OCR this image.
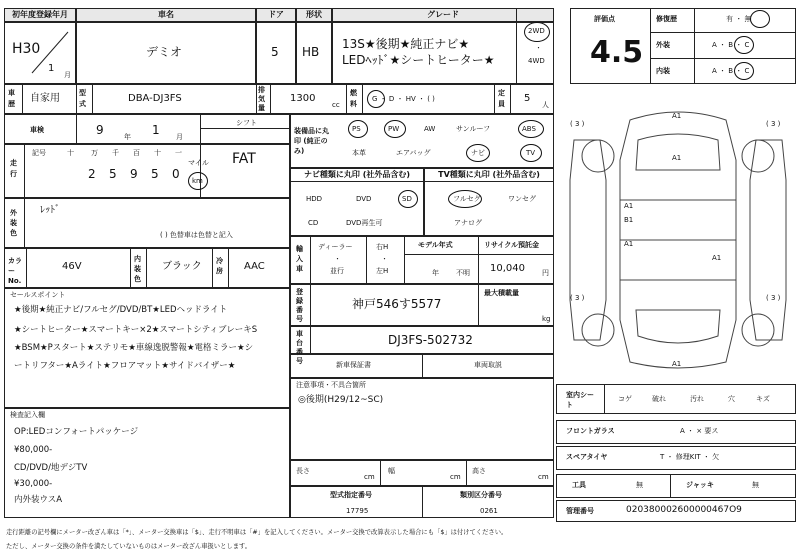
初年度登録年月	車名	ドア	形状	グレード
H30
1
月
デミオ	5 HB
13S★後期★純正ナビ★
LEDﾍｯﾄﾞ★シートヒーター★
2WD
・
4WD
車歴	自家用	型式	DBA-DJ3FS
排気量
1300
cc
燃料
G ・ D ・ HV ・ ( )
定員	5
人
車検	9	年 1 月
シフト
FAT
走行
記号	十 万 千 百 十 一
2 5 9 5 0
マイル
km
外装色
ﾚｯﾄﾞ
( ) 色替車は色替と記入
カラーNo.
46V
内装色
ブラック 冷房	AAC
セールスポイント
★後期★純正ナビ/フルセグ/DVD/BT★LEDヘッドライト
★シートヒーター★スマートキー×2★スマートシティブレーキS
★BSM★Pスタート★ステリモ★車線逸脱警報★電格ミラー★シ
ートリフター★Aライト★フロアマット★サイドバイザー★
検査記入欄
OP:LEDコンフォートパッケージ
¥80,000-
CD/DVD/地デジTV
¥30,000-
内外装ウスA
装備品に丸印 (純正のみ)
PS	PW	AW	サンルーフ	ABS
本革	エアバッグ	ナビ	TV
ナビ種類に丸印 (社外品含む)
HDD	DVD	SD
CD	DVD再生可
TV種類に丸印 (社外品含む)
フルセグ	ワンセグ
アナログ
輸入車
ディーラー
・
並行
右H
・
左H
モデル年式
年 不明
リサイクル預託金
10,040 円
登録番号
神戸546す5577
最大積載量
kg
車台番号
DJ3FS-502732
新車保証書	車両取説
注意事項・不具合箇所
◎後期(H29/12~SC)
長さ
cm
幅
cm
高さ
cm
型式指定番号
17795
類別区分番号
0261
評価点
4.5
修復歴	有 ・ 無
外装	A ・ B ・ C
内装	A ・ B ・ C
A1
A1
A1
B1
A1
A1
A1
( 3 )	( 3 )
( 3 )	( 3 )
室内シート
コゲ	破れ	汚れ	穴	キズ
フロントガラス	A ・ × 要ス
スペアタイヤ	T ・ 修理KIT ・ 欠
工具	無	ジャッキ	無
管理番号	020380002600000467O9
走行距離の記号欄にメーター改ざん車は「*」、メーター交換車は「$」、走行不明車は「#」を記入してください。メーター交換で改算表示した場合にも「$」は付けてください。
ただし、メーター交換の条件を満たしていないものはメーター改ざん車扱いとします。
